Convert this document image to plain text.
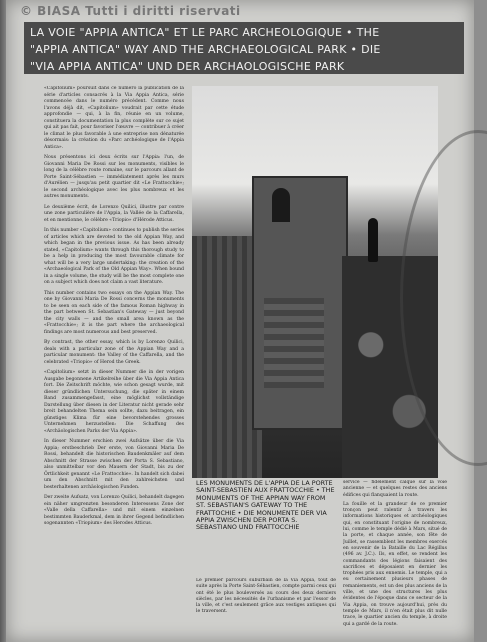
© BIASA Tutti i diritti riservati
LA VOIE "APPIA ANTICA" ET LE PARC ARCHEOLOGIQUE • THE
"APPIA ANTICA" WAY AND THE ARCHAEOLOGICAL PARK • DIE
"VIA APPIA ANTICA" UND DER ARCHAOLOGISCHE PARK

«Capitolium» poursuit dans ce numéro la publication de la série d'articles consacrés à la Via Appia Antica, série commencée dans le numéro précédent. Comme nous l'avons déjà dit, «Capitolium» voudrait par cette étude approfondie — qui, à la fin, réunie en un volume, constituera la documentation la plus complète sur ce sujet qui ait pas fait, pour favoriser l'œuvre — contribuer à créer le climat le plus favorable à une entreprise non dénaturée désormais: la création du «Parc archéologique de l'Appia Antica».

Nous présentons ici deux écrits sur l'Appia: l'un, de Giovanni Maria De Rossi sur les monuments, visibles le long de la célèbre route romaine, sur le parcours allant de Porte Saint-Sébastien — immédiatement après les murs d'Aurélien — jusqu'au petit quartier dit «Le Frattocchie»; le second archéologique avec les plus nombreux et les autres monuments.

Le deuxième écrit, de Lorenzo Quilici, illustre par contre une zone particulière de l'Appia, la Vallée de la Caffarella, et en mentionne, le célèbre «Triopio» d'Hérode Atticus.

In this number «Capitolium» continues to publish the series of articles which are devoted to the old Appian Way, and which began in the previous issue. As has been already stated, «Capitolium» wants through this thorough study to be a help in producing the most favourable climate for what will be a very large undertaking: the creation of the «Archaeological Park of the Old Appian Way». When bound in a single volume, the study will be the most complete one on a subject which does not claim a vast literature.

This number contains two essays on the Appian Way. The one by Giovanni Maria De Rossi concerns the monuments to be seen on each side of the famous Roman highway in the part between St. Sebastian's Gateway — just beyond the city walls — and the small area known as the «Frattocchie»; it is the part where the archaeological findings are most numerous and best preserved.

By contrast, the other essay, which is by Lorenzo Quilici, deals with a particular zone of the Appian Way and a particular monument: the Valley of the Caffarella, and the celebrated «Triopio» of Herod the Greek.

«Capitolium» setzt in dieser Nummer die in der vorigen Ausgabe begonnene Artikelreihe über die Via Appia Antica fort. Die Zeitschrift möchte, wie schon gesagt wurde, mit dieser gründlichen Untersuchung, die später in einem Band zusammengefasst, eine möglichst vollständige Darstellung über diesen in der Literatur nicht gerade sehr breit behandelten Thema sein sollte, dazu beitragen, ein günstiges Klima für eine bevorstehendes grosses Unternehmen herzustellen: Die Schaffung des «Archäologischen Parks der Via Appia».

In dieser Nummer erschien zwei Aufsätze über die Via Appia; erstbeschrieb Der erste, von Giovanni Maria De Rossi, behandelt die historischen Baudenkmäler auf dem Abschnitt der Strasse zwischen der Porta S. Sebastiano, also unmittelbar vor den Mauern der Stadt, bis zu der Örtlichkeit genannt «Le Frattocchie». In handelt sich dabei um den Abschnitt mit den zahlreichsten und besterhaltenen archäologischen Funden.

Der zweite Aufsatz, von Lorenzo Quilici, behandelt dagegen ein näher umgrenzten besonderen Interessens Zone der «Valle della Caffarella» und mit einem einzelnen bestimmten Bauderkmal, dem in ihrer Gegend befindlichen sogenannten «Triopium» des Herodes Atticus.

LES MONUMENTS DE L'APPIA DE LA PORTE SAINT-SEBASTIEN AUX FRATTOCCHIE • THE MONUMENTS OF THE APPIAN WAY FROM ST. SEBASTIAN'S GATEWAY TO THE FRATTOCHIE • DIE MONUMENTE DER VIA APPIA ZWISCHEN DER PORTA S. SEBASTIANO UND FRATTOCCHIE

Le premier parcours suburbain de la Via Appia, tout de suite après la Porte Saint-Sébastien, compte parmi ceux qui ont été le plus bouleversés au cours des deux derniers siècles, par les nécessités de l'urbanisme et par l'essor de la ville, et c'est seulement grâce aux vestiges antiques qui le traversent.

service — fidèlement calqué sur la voie ancienne — et quelques restes des anciens édifices qui flanquaient la route.

La fouille et la grandeur de ce premier tronçon peut ralentir à travers les informations historiques et archéologiques qui, en constituant l'origine de nombreux, lui, comme le temple dédié à Mars, situé de la porte, et chaque année, son fête de Juillet, se rassemblent les membres exercés en souvenir de la Bataille du Lac Régillus (496 av. J.C.). Ils, en effet, se rendent les commandants des légions faisaient des sacrifices et déposaient en dernier les trophées pris aux ennemis. Le temple, qui a eu certainement plusieurs phases de remaniements, est un des plus anciens de la ville, et une des structures les plus évidentes de l'époque dans ce secteur de la Via Appia, on trouve aujourd'hui, près du temple de Mars, il n'en était plus dit nulle trace, le quartier ancien du temple, à droite qui a gardé de la route.
